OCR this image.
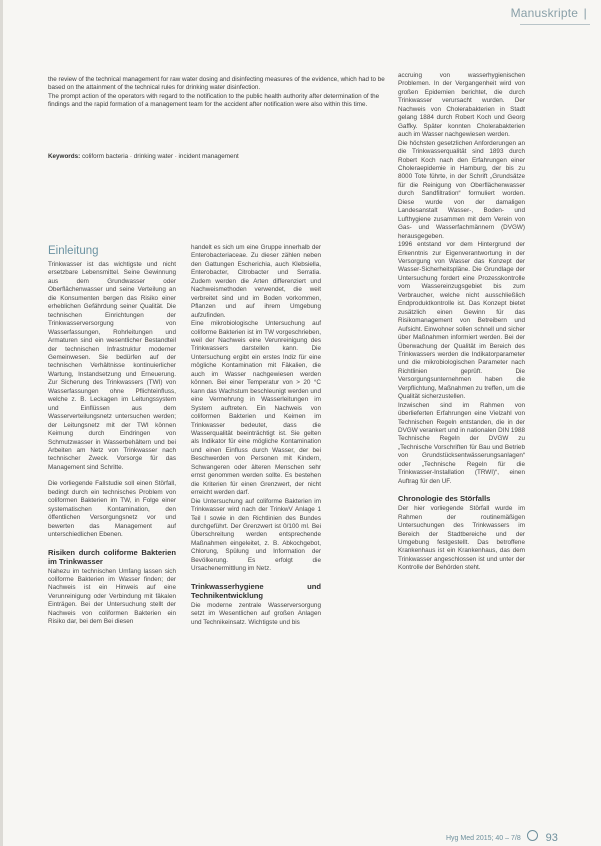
Manuskripte |

the review of the technical management for raw water dosing and disinfecting measures of the evidence, which had to be based on the attainment of the technical rules for drinking water disinfection.

The prompt action of the operators with regard to the notification to the public health authority after determination of the findings and the rapid formation of a management team for the accident after notification were also within this time.

Keywords: coliform bacteria · drinking water · incident management
Einleitung

Trinkwasser ist das wichtigste und nicht ersetzbare Lebensmittel. Seine Gewinnung aus dem Grundwasser oder Oberflächenwasser und seine Verteilung an die Konsumenten bergen das Risiko einer erheblichen Gefährdung seiner Qualität. Die technischen Einrichtungen der Trinkwasserversorgung von Wasserfassungen, Rohrleitungen und Armaturen sind ein wesentlicher Bestandteil der technischen Infrastruktur moderner Gemeinwesen. Sie bedürfen auf der technischen Verhältnisse kontinuierlicher Wartung, Instandsetzung und Erneuerung. Zur Sicherung des Trinkwassers (TWI) von Wasserfassungen ohne Pflichteinfluss, welche z. B. Leckagen im Leitungssystem und Einflüssen aus dem Wasserverteilungsnetz untersuchen werden; der Leitungsnetz mit der TWI können Keimung durch Eindringen von Schmutzwasser in Wasserbehältern und bei Arbeiten am Netz von Trinkwasser nach technischer Zweck. Vorsorge für das Management sind Schritte.

Die vorliegende Fallstudie soll einen Störfall, bedingt durch ein technisches Problem von coliformen Bakterien im TW, in Folge einer systematischen Kontamination, den öffentlichen Versorgungsnetz vor und bewerten das Management auf unterschiedlichen Ebenen.

Risiken durch coliforme Bakterien im Trinkwasser

Nahezu im technischen Umfang lassen sich coliforme Bakterien im Wasser finden; der Nachweis ist ein Hinweis auf eine Verunreinigung oder Verbindung mit fäkalen Einträgen. Bei der Untersuchung stellt der Nachweis von coliformen Bakterien ein Risiko dar, bei dem Bei diesen

handelt es sich um eine Gruppe innerhalb der Enterobacteriaceae. Zu dieser zählen neben den Gattungen Escherichia, auch Klebsiella, Enterobacter, Citrobacter und Serratia. Zudem werden die Arten differenziert und Nachweismethoden verwendet, die weit verbreitet sind und im Boden vorkommen, Pflanzen und auf ihrem Umgebung aufzufinden.

Eine mikrobiologische Untersuchung auf coliforme Bakterien ist im TW vorgeschrieben, weil der Nachweis eine Verunreinigung des Trinkwassers darstellen kann. Die Untersuchung ergibt ein erstes Indiz für eine mögliche Kontamination mit Fäkalien, die auch im Wasser nachgewiesen werden können. Bei einer Temperatur von > 20 °C kann das Wachstum beschleunigt werden und eine Vermehrung in Wasserleitungen im System auftreten. Ein Nachweis von coliformen Bakterien und Keimen im Trinkwasser bedeutet, dass die Wasserqualität beeinträchtigt ist. Sie gelten als Indikator für eine mögliche Kontamination und einen Einfluss durch Wasser, der bei Beschwerden von Personen mit Kindern, Schwangeren oder älteren Menschen sehr ernst genommen werden sollte. Es bestehen die Kriterien für einen Grenzwert, der nicht erreicht werden darf.

Die Untersuchung auf coliforme Bakterien im Trinkwasser wird nach der TrinkwV Anlage 1 Teil I sowie in den Richtlinien des Bundes durchgeführt. Der Grenzwert ist 0/100 ml. Bei Überschreitung werden entsprechende Maßnahmen eingeleitet, z. B. Abkochgebot, Chlorung, Spülung und Information der Bevölkerung. Es erfolgt die Ursachenermittlung im Netz.

Trinkwasserhygiene und Technikentwicklung

Die moderne zentrale Wasserversorgung setzt im Wesentlichen auf großen Anlagen und Technikeinsatz. Wichtigste und bis

accruing von wasserhygienischen Problemen. In der Vergangenheit wird von großen Epidemien berichtet, die durch Trinkwasser verursacht wurden. Der Nachweis von Cholerabakterien in Stadt gelang 1884 durch Robert Koch und Georg Gaffky. Später konnten Cholerabakterien auch im Wasser nachgewiesen werden.

Die höchsten gesetzlichen Anforderungen an die Trinkwasserqualität sind 1893 durch Robert Koch nach den Erfahrungen einer Choleraepidemie in Hamburg, der bis zu 8000 Tote führte, in der Schrift „Grundsätze für die Reinigung von Oberflächenwasser durch Sandfiltration“ formuliert worden. Diese wurde von der damaligen Landesanstalt Wasser-, Boden- und Lufthygiene zusammen mit dem Verein von Gas- und Wasserfachmännern (DVGW) herausgegeben.

1996 entstand vor dem Hintergrund der Erkenntnis zur Eigenverantwortung in der Versorgung von Wasser das Konzept der Wasser-Sicherheitspläne. Die Grundlage der Untersuchung fordert eine Prozesskontrolle vom Wassereinzugsgebiet bis zum Verbraucher, welche nicht ausschließlich Endproduktkontrolle ist. Das Konzept bietet zusätzlich einen Gewinn für das Risikomanagement von Betreibern und Aufsicht. Einwohner sollen schnell und sicher über Maßnahmen informiert werden. Bei der Überwachung der Qualität im Bereich des Trinkwassers werden die Indikatorparameter und die mikrobiologischen Parameter nach Richtlinien geprüft. Die Versorgungsunternehmen haben die Verpflichtung, Maßnahmen zu treffen, um die Qualität sicherzustellen.

Inzwischen sind im Rahmen von überlieferten Erfahrungen eine Vielzahl von Technischen Regeln entstanden, die in der DVGW verankert und in nationalen DIN 1988 Technische Regeln der DVGW zu „Technische Vorschriften für Bau und Betrieb von Grundstücksentwässerungsanlagen“ oder „Technische Regeln für die Trinkwasser-Installation (TRWI)“, einen Auftrag für den UF.

Chronologie des Störfalls

Der hier vorliegende Störfall wurde im Rahmen der routinemäßigen Untersuchungen des Trinkwassers im Bereich der Stadtbereiche und der Umgebung festgestellt. Das betroffene Krankenhaus ist ein Krankenhaus, das dem Trinkwasser angeschlossen ist und unter der Kontrolle der Behörden steht.

Hyg Med 2015; 40 – 7/8 93
